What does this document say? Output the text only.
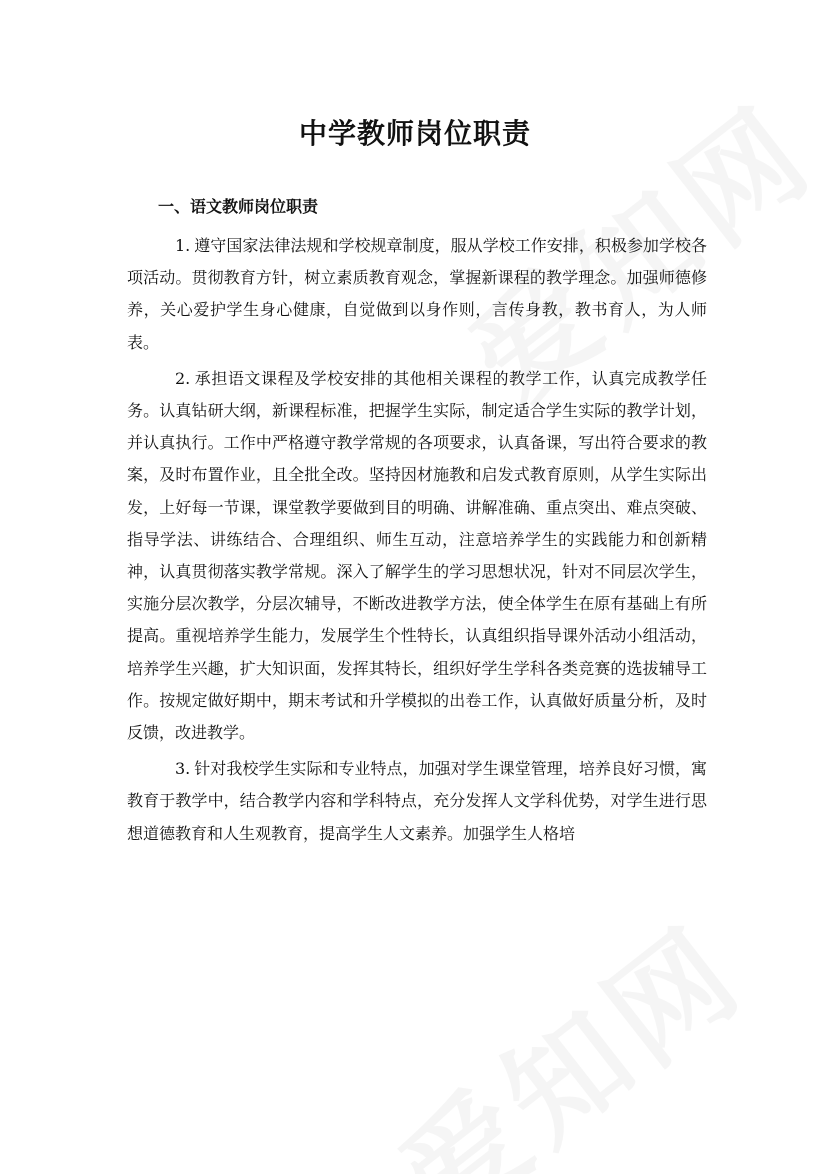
中学教师岗位职责
一、语文教师岗位职责

1. 遵守国家法律法规和学校规章制度，服从学校工作安排，积极参加学校各项活动。贯彻教育方针，树立素质教育观念，掌握新课程的教学理念。加强师德修养，关心爱护学生身心健康，自觉做到以身作则，言传身教，教书育人，为人师表。

2. 承担语文课程及学校安排的其他相关课程的教学工作，认真完成教学任务。认真钻研大纲，新课程标准，把握学生实际，制定适合学生实际的教学计划，并认真执行。工作中严格遵守教学常规的各项要求，认真备课，写出符合要求的教案，及时布置作业，且全批全改。坚持因材施教和启发式教育原则，从学生实际出发，上好每一节课，课堂教学要做到目的明确、讲解准确、重点突出、难点突破、指导学法、讲练结合、合理组织、师生互动，注意培养学生的实践能力和创新精神，认真贯彻落实教学常规。深入了解学生的学习思想状况，针对不同层次学生，实施分层次教学，分层次辅导，不断改进教学方法，使全体学生在原有基础上有所提高。重视培养学生能力，发展学生个性特长，认真组织指导课外活动小组活动，培养学生兴趣，扩大知识面，发挥其特长，组织好学生学科各类竞赛的选拔辅导工作。按规定做好期中，期末考试和升学模拟的出卷工作，认真做好质量分析，及时反馈，改进教学。

3. 针对我校学生实际和专业特点，加强对学生课堂管理，培养良好习惯，寓教育于教学中，结合教学内容和学科特点，充分发挥人文学科优势，对学生进行思想道德教育和人生观教育，提高学生人文素养。加强学生人格培
